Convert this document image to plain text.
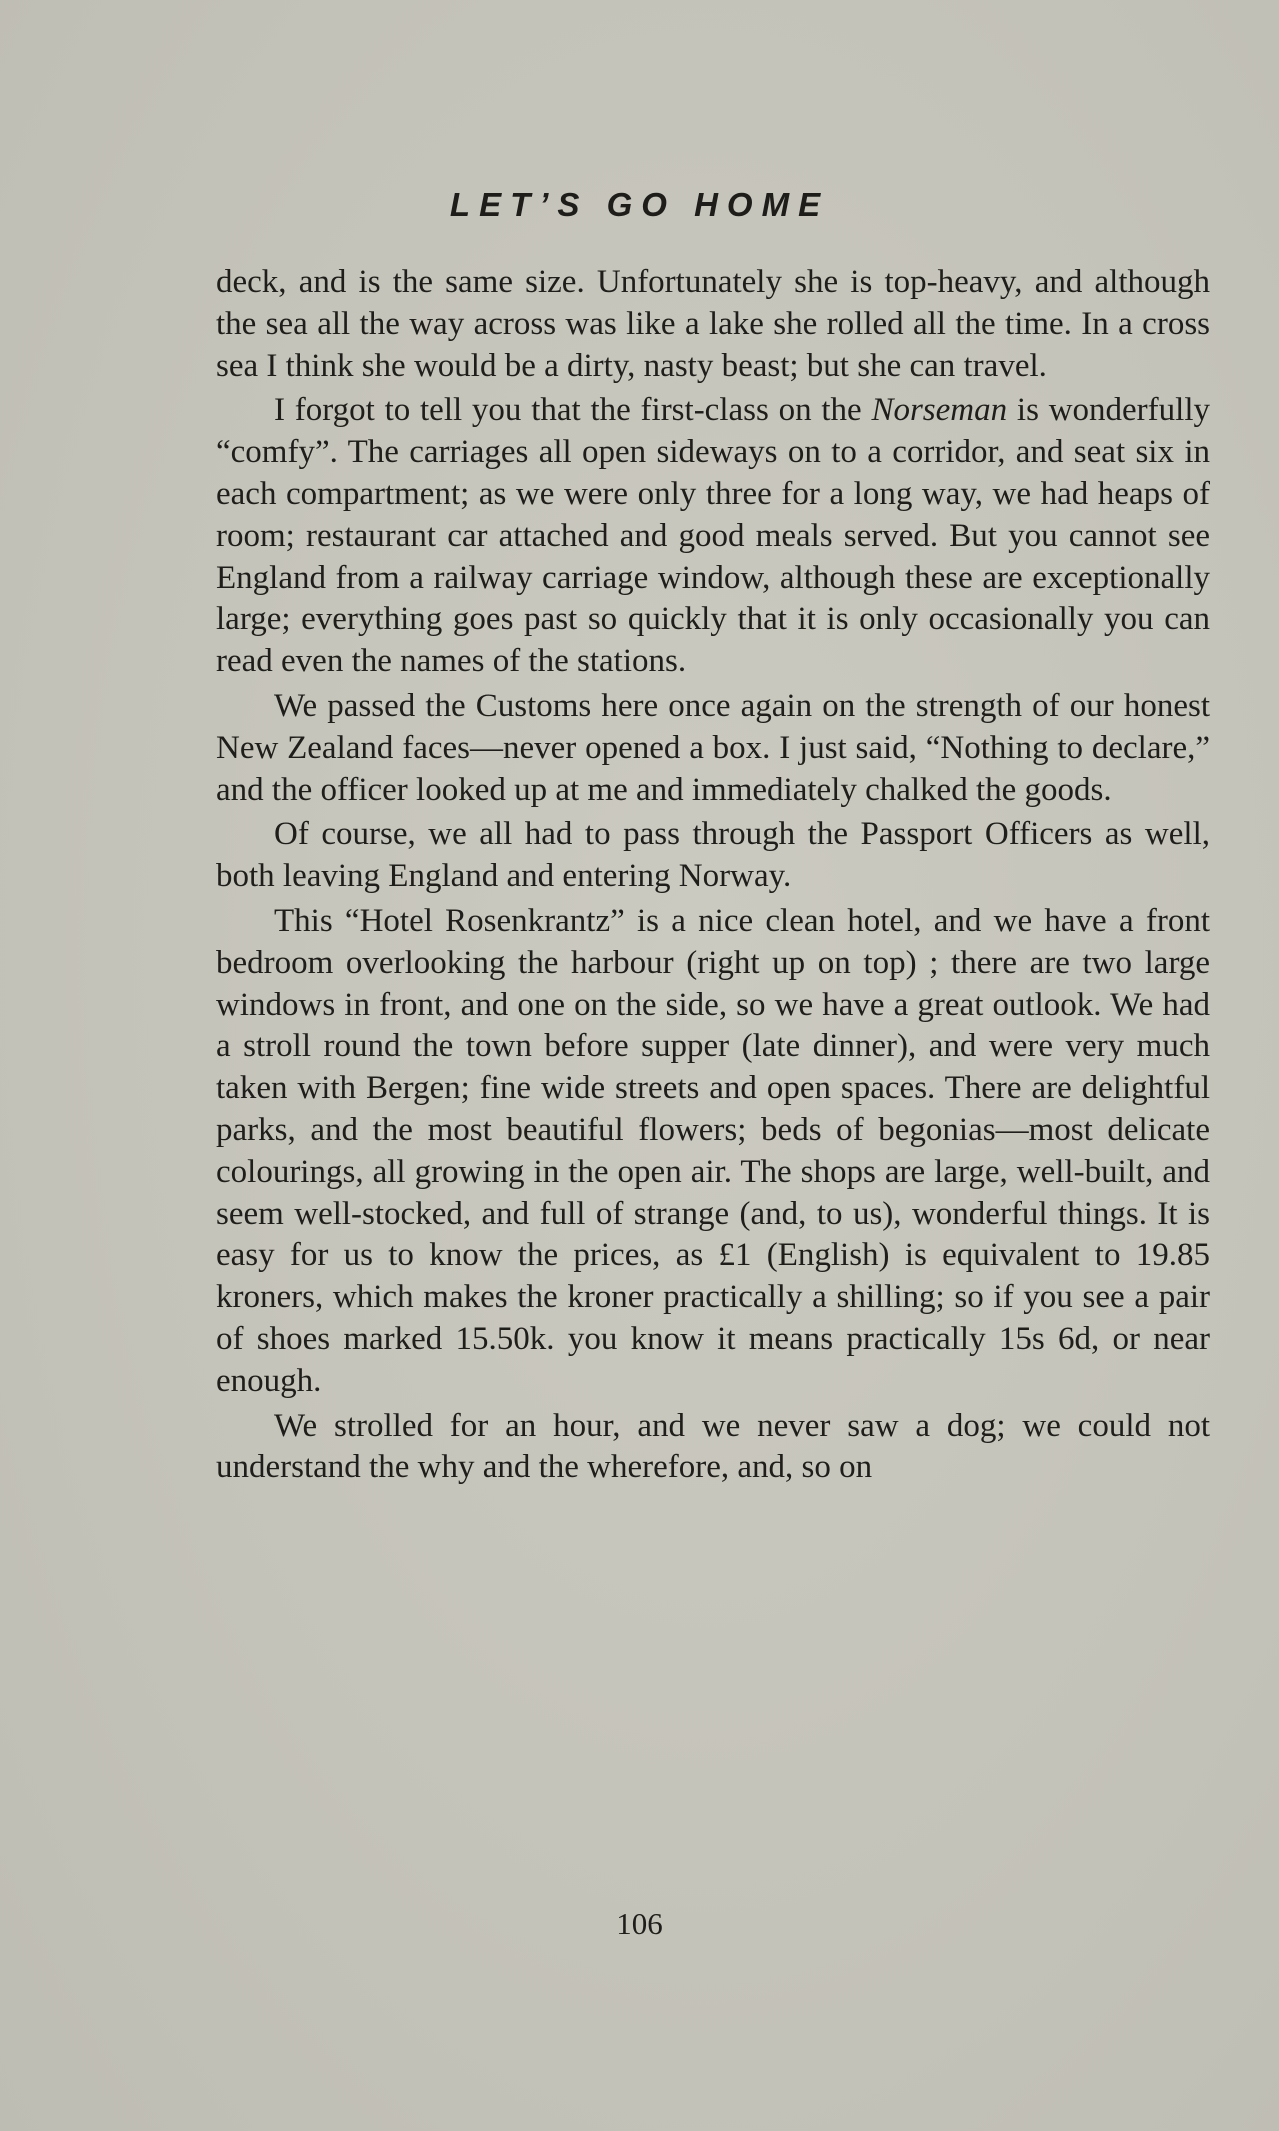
LET’S GO HOME

deck, and is the same size. Unfortunately she is top-heavy, and although the sea all the way across was like a lake she rolled all the time. In a cross sea I think she would be a dirty, nasty beast; but she can travel.

I forgot to tell you that the first-class on the Norseman is wonderfully “comfy”. The carriages all open sideways on to a corridor, and seat six in each compartment; as we were only three for a long way, we had heaps of room; restaurant car attached and good meals served. But you cannot see England from a railway carriage window, although these are exceptionally large; everything goes past so quickly that it is only occasionally you can read even the names of the stations.

We passed the Customs here once again on the strength of our honest New Zealand faces—never opened a box. I just said, “Nothing to declare,” and the officer looked up at me and immediately chalked the goods.

Of course, we all had to pass through the Passport Officers as well, both leaving England and entering Norway.

This “Hotel Rosenkrantz” is a nice clean hotel, and we have a front bedroom overlooking the harbour (right up on top) ; there are two large windows in front, and one on the side, so we have a great outlook. We had a stroll round the town before supper (late dinner), and were very much taken with Bergen; fine wide streets and open spaces. There are delightful parks, and the most beautiful flowers; beds of begonias—most delicate colourings, all growing in the open air. The shops are large, well-built, and seem well-stocked, and full of strange (and, to us), wonderful things. It is easy for us to know the prices, as £1 (English) is equivalent to 19.85 kroners, which makes the kroner practically a shilling; so if you see a pair of shoes marked 15.50k. you know it means practically 15s 6d, or near enough.

We strolled for an hour, and we never saw a dog; we could not understand the why and the wherefore, and, so on

106
